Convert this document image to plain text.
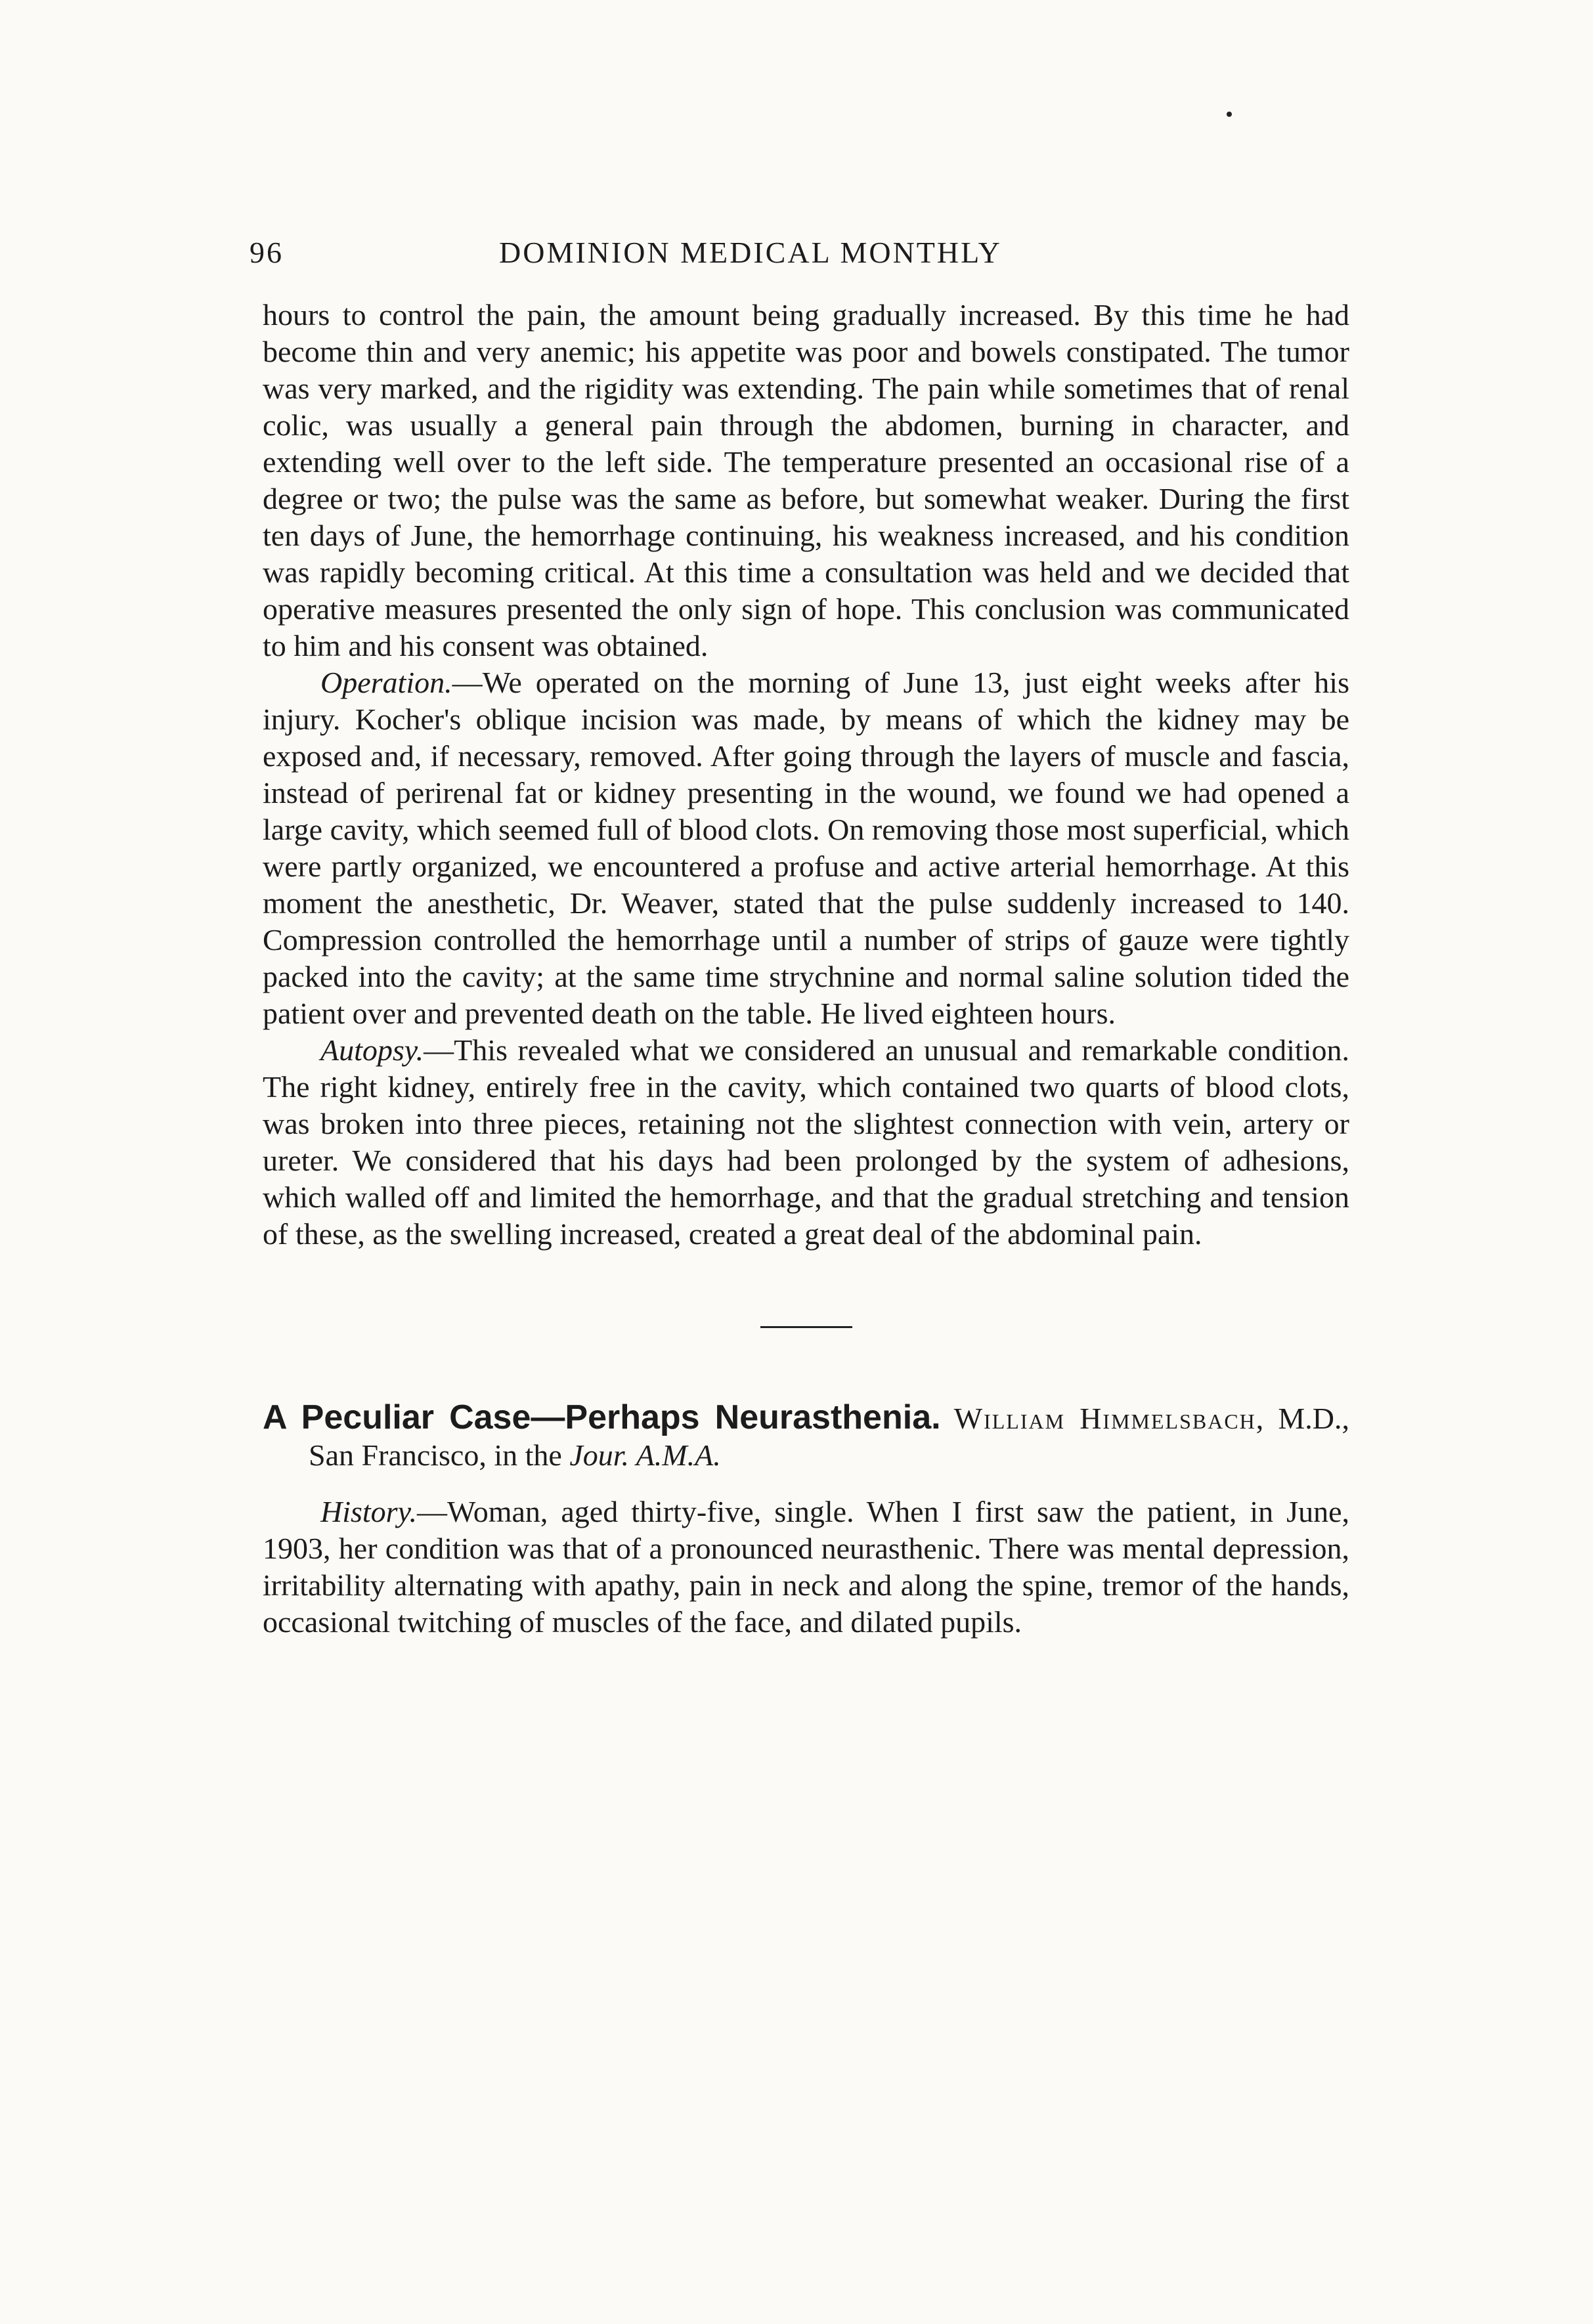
96	DOMINION MEDICAL MONTHLY

hours to control the pain, the amount being gradually increased. By this time he had become thin and very anemic; his appetite was poor and bowels constipated. The tumor was very marked, and the rigidity was extending. The pain while sometimes that of renal colic, was usually a general pain through the abdomen, burning in character, and extending well over to the left side. The temperature presented an occasional rise of a degree or two; the pulse was the same as before, but somewhat weaker. During the first ten days of June, the hemorrhage continuing, his weakness increased, and his condition was rapidly becoming critical. At this time a consultation was held and we decided that operative measures presented the only sign of hope. This conclusion was communicated to him and his consent was obtained.

Operation.—We operated on the morning of June 13, just eight weeks after his injury. Kocher's oblique incision was made, by means of which the kidney may be exposed and, if necessary, removed. After going through the layers of muscle and fascia, instead of perirenal fat or kidney presenting in the wound, we found we had opened a large cavity, which seemed full of blood clots. On removing those most superficial, which were partly organized, we encountered a profuse and active arterial hemorrhage. At this moment the anesthetic, Dr. Weaver, stated that the pulse suddenly increased to 140. Compression controlled the hemorrhage until a number of strips of gauze were tightly packed into the cavity; at the same time strychnine and normal saline solution tided the patient over and prevented death on the table. He lived eighteen hours.

Autopsy.—This revealed what we considered an unusual and remarkable condition. The right kidney, entirely free in the cavity, which contained two quarts of blood clots, was broken into three pieces, retaining not the slightest connection with vein, artery or ureter. We considered that his days had been prolonged by the system of adhesions, which walled off and limited the hemorrhage, and that the gradual stretching and tension of these, as the swelling increased, created a great deal of the abdominal pain.

A Peculiar Case—Perhaps Neurasthenia. William Himmelsbach, M.D., San Francisco, in the Jour. A.M.A.

History.—Woman, aged thirty-five, single. When I first saw the patient, in June, 1903, her condition was that of a pronounced neurasthenic. There was mental depression, irritability alternating with apathy, pain in neck and along the spine, tremor of the hands, occasional twitching of muscles of the face, and dilated pupils.
